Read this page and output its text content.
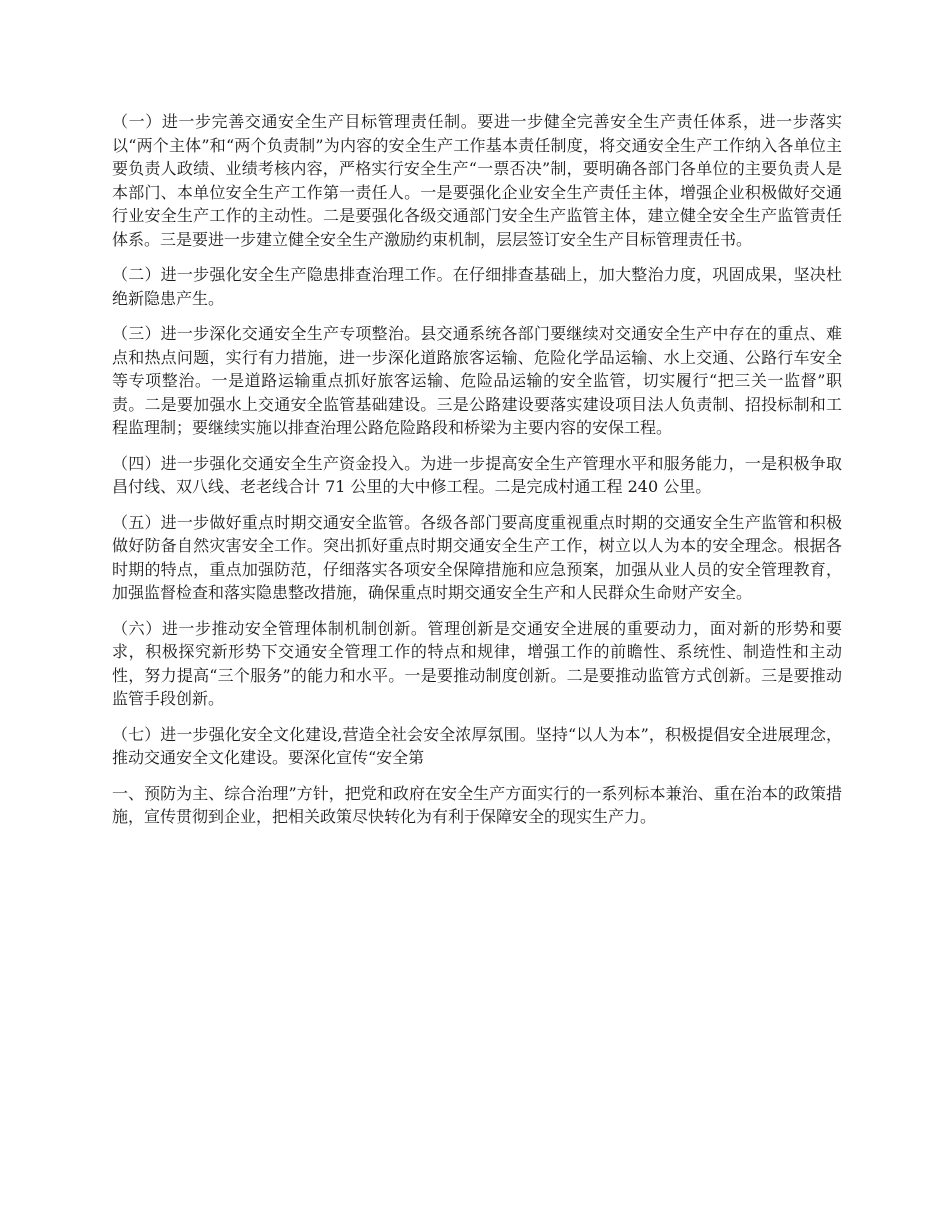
（一）进一步完善交通安全生产目标管理责任制。要进一步健全完善安全生产责任体系，进一步落实以“两个主体”和“两个负责制”为内容的安全生产工作基本责任制度，将交通安全生产工作纳入各单位主要负责人政绩、业绩考核内容，严格实行安全生产“一票否决”制，要明确各部门各单位的主要负责人是本部门、本单位安全生产工作第一责任人。一是要强化企业安全生产责任主体，增强企业积极做好交通行业安全生产工作的主动性。二是要强化各级交通部门安全生产监管主体，建立健全安全生产监管责任体系。三是要进一步建立健全安全生产激励约束机制，层层签订安全生产目标管理责任书。

（二）进一步强化安全生产隐患排查治理工作。在仔细排查基础上，加大整治力度，巩固成果，坚决杜绝新隐患产生。

（三）进一步深化交通安全生产专项整治。县交通系统各部门要继续对交通安全生产中存在的重点、难点和热点问题，实行有力措施，进一步深化道路旅客运输、危险化学品运输、水上交通、公路行车安全等专项整治。一是道路运输重点抓好旅客运输、危险品运输的安全监管，切实履行“把三关一监督”职责。二是要加强水上交通安全监管基础建设。三是公路建设要落实建设项目法人负责制、招投标制和工程监理制；要继续实施以排查治理公路危险路段和桥梁为主要内容的安保工程。

（四）进一步强化交通安全生产资金投入。为进一步提高安全生产管理水平和服务能力，一是积极争取昌付线、双八线、老老线合计 71 公里的大中修工程。二是完成村通工程 240 公里。

（五）进一步做好重点时期交通安全监管。各级各部门要高度重视重点时期的交通安全生产监管和积极做好防备自然灾害安全工作。突出抓好重点时期交通安全生产工作，树立以人为本的安全理念。根据各时期的特点，重点加强防范，仔细落实各项安全保障措施和应急预案，加强从业人员的安全管理教育，加强监督检查和落实隐患整改措施，确保重点时期交通安全生产和人民群众生命财产安全。

（六）进一步推动安全管理体制机制创新。管理创新是交通安全进展的重要动力，面对新的形势和要求，积极探究新形势下交通安全管理工作的特点和规律，增强工作的前瞻性、系统性、制造性和主动性，努力提高“三个服务”的能力和水平。一是要推动制度创新。二是要推动监管方式创新。三是要推动监管手段创新。

（七）进一步强化安全文化建设,营造全社会安全浓厚氛围。坚持“以人为本”，积极提倡安全进展理念，推动交通安全文化建设。要深化宣传“安全第

一、预防为主、综合治理”方针，把党和政府在安全生产方面实行的一系列标本兼治、重在治本的政策措施，宣传贯彻到企业，把相关政策尽快转化为有利于保障安全的现实生产力。
